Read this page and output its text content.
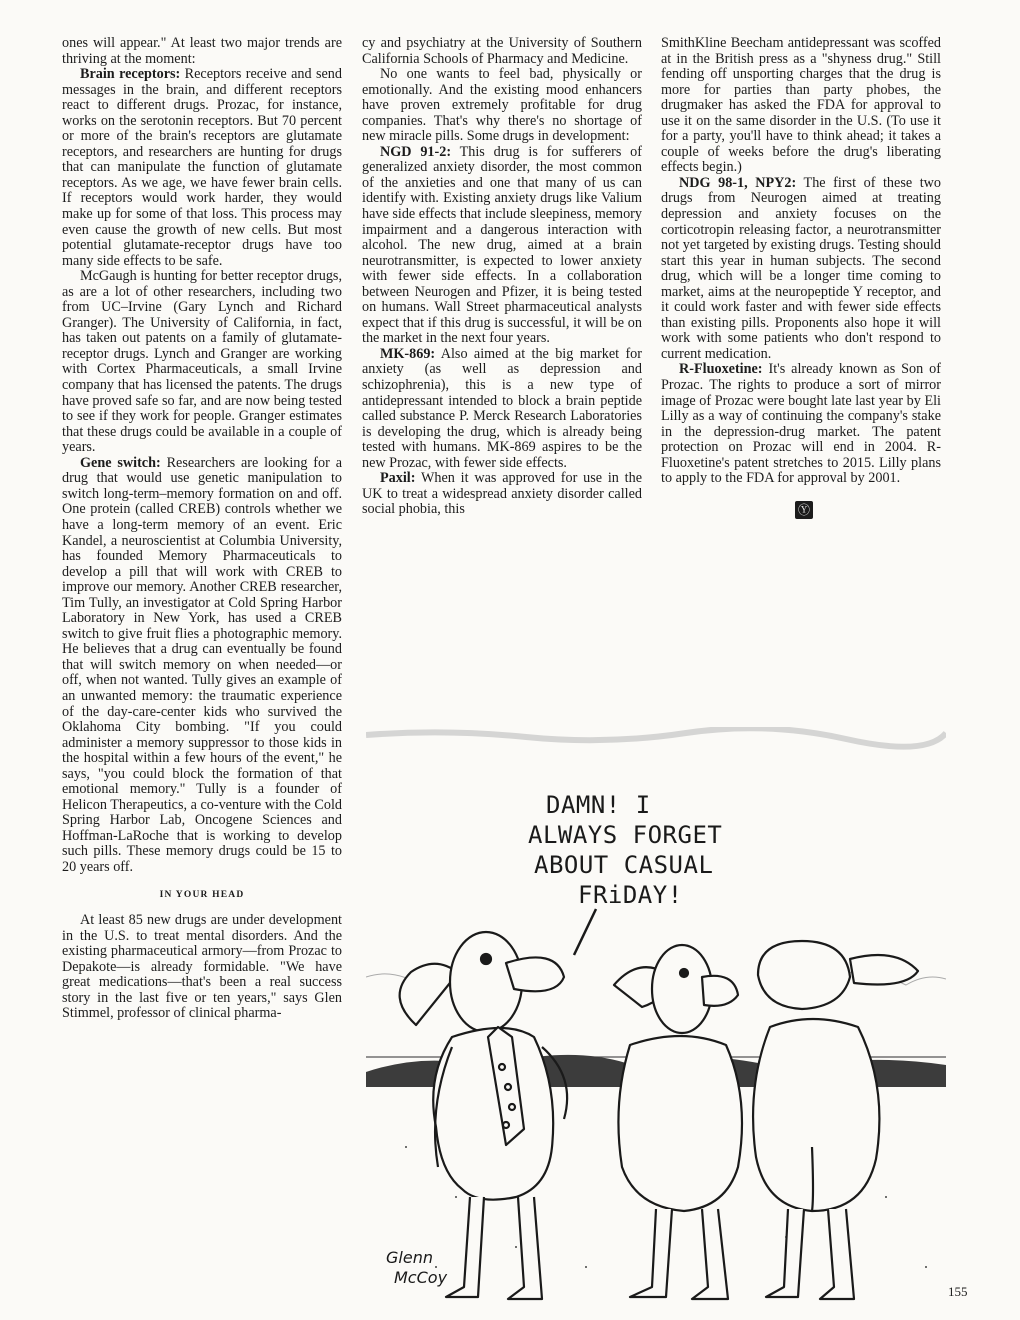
ones will appear." At least two major trends are thriving at the moment:

Brain receptors: Receptors receive and send messages in the brain, and different receptors react to different drugs. Prozac, for instance, works on the serotonin receptors. But 70 percent or more of the brain's receptors are glutamate receptors, and researchers are hunting for drugs that can manipulate the function of glutamate receptors. As we age, we have fewer brain cells. If receptors would work harder, they would make up for some of that loss. This process may even cause the growth of new cells. But most potential glutamate-receptor drugs have too many side effects to be safe.

McGaugh is hunting for better receptor drugs, as are a lot of other researchers, including two from UC–Irvine (Gary Lynch and Richard Granger). The University of California, in fact, has taken out patents on a family of glutamate-receptor drugs. Lynch and Granger are working with Cortex Pharmaceuticals, a small Irvine company that has licensed the patents. The drugs have proved safe so far, and are now being tested to see if they work for people. Granger estimates that these drugs could be available in a couple of years.

Gene switch: Researchers are looking for a drug that would use genetic manipulation to switch long-term–memory formation on and off. One protein (called CREB) controls whether we have a long-term memory of an event. Eric Kandel, a neuroscientist at Columbia University, has founded Memory Pharmaceuticals to develop a pill that will work with CREB to improve our memory. Another CREB researcher, Tim Tully, an investigator at Cold Spring Harbor Laboratory in New York, has used a CREB switch to give fruit flies a photographic memory. He believes that a drug can eventually be found that will switch memory on when needed—or off, when not wanted. Tully gives an example of an unwanted memory: the traumatic experience of the day-care-center kids who survived the Oklahoma City bombing. "If you could administer a memory suppressor to those kids in the hospital within a few hours of the event," he says, "you could block the formation of that emotional memory." Tully is a founder of Helicon Therapeutics, a co-venture with the Cold Spring Harbor Lab, Oncogene Sciences and Hoffman-LaRoche that is working to develop such pills. These memory drugs could be 15 to 20 years off.

IN YOUR HEAD

At least 85 new drugs are under development in the U.S. to treat mental disorders. And the existing pharmaceutical armory—from Prozac to Depakote—is already formidable. "We have great medications—that's been a real success story in the last five or ten years," says Glen Stimmel, professor of clinical pharma-

cy and psychiatry at the University of Southern California Schools of Pharmacy and Medicine.

No one wants to feel bad, physically or emotionally. And the existing mood enhancers have proven extremely profitable for drug companies. That's why there's no shortage of new miracle pills. Some drugs in development:

NGD 91-2: This drug is for sufferers of generalized anxiety disorder, the most common of the anxieties and one that many of us can identify with. Existing anxiety drugs like Valium have side effects that include sleepiness, memory impairment and a dangerous interaction with alcohol. The new drug, aimed at a brain neurotransmitter, is expected to lower anxiety with fewer side effects. In a collaboration between Neurogen and Pfizer, it is being tested on humans. Wall Street pharmaceutical analysts expect that if this drug is successful, it will be on the market in the next four years.

MK-869: Also aimed at the big market for anxiety (as well as depression and schizophrenia), this is a new type of antidepressant intended to block a brain peptide called substance P. Merck Research Laboratories is developing the drug, which is already being tested with humans. MK-869 aspires to be the new Prozac, with fewer side effects.

Paxil: When it was approved for use in the UK to treat a widespread anxiety disorder called social phobia, this

SmithKline Beecham antidepressant was scoffed at in the British press as a "shyness drug." Still fending off unsporting charges that the drug is more for parties than party phobes, the drugmaker has asked the FDA for approval to use it on the same disorder in the U.S. (To use it for a party, you'll have to think ahead; it takes a couple of weeks before the drug's liberating effects begin.)

NDG 98-1, NPY2: The first of these two drugs from Neurogen aimed at treating depression and anxiety focuses on the corticotropin releasing factor, a neurotransmitter not yet targeted by existing drugs. Testing should start this year in human subjects. The second drug, which will be a longer time coming to market, aims at the neuropeptide Y receptor, and it could work faster and with fewer side effects than existing pills. Proponents also hope it will work with some patients who don't respond to current medication.

R-Fluoxetine: It's already known as Son of Prozac. The rights to produce a sort of mirror image of Prozac were bought late last year by Eli Lilly as a way of continuing the company's stake in the depression-drug market. The patent protection on Prozac will end in 2004. R-Fluoxetine's patent stretches to 2015. Lilly plans to apply to the FDA for approval by 2001.

Ⓨ
DAMN! I
ALWAYS FORGET
ABOUT CASUAL
FRiDAY!
Glenn
McCoy
155
